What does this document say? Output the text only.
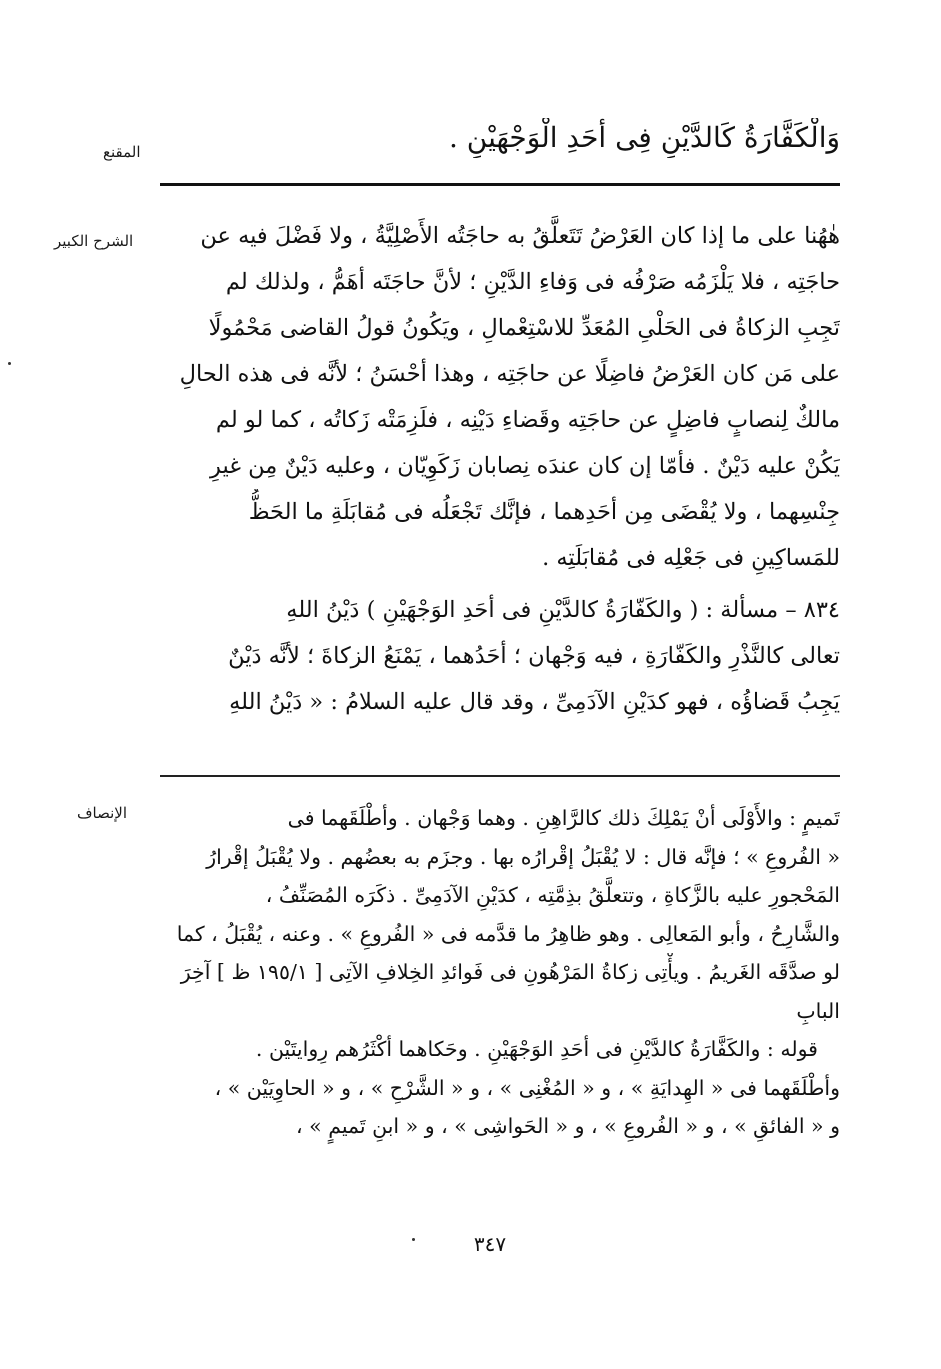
المقنع	وَالْكَفَّارَةُ كَالدَّيْنِ فِى أَحَدِ الْوَجْهَيْنِ .
الشرح الكبير	هٰهُنا على ما إذا كان العَرْضُ تَتَعلَّقُ به حاجَتُه الأَصْلِيَّةُ ، ولا فَضْلَ فيه عن
حاجَتِه ، فلا يَلْزَمُه صَرْفُه فى وَفاءِ الدَّيْنِ ؛ لأنَّ حاجَتَه أهَمُّ ، ولذلك لم
تَجِبِ الزكاةُ فى الحَلْىِ المُعَدِّ للاسْتِعْمالِ ، ويَكُونُ قولُ القاضى مَحْمُولًا
على مَن كان العَرْضُ فاضِلًا عن حاجَتِه ، وهذا أحْسَنُ ؛ لأنَّه فى هذه الحالِ
مالكٌ لِنصابٍ فاضِلٍ عن حاجَتِه وقَضاءِ دَيْنِه ، فلَزِمَتْه زَكاتُه ، كما لو لم
يَكُنْ عليه دَيْنٌ . فأمّا إن كان عندَه نِصابان زَكَوِيّان ، وعليه دَيْنٌ مِن غيرِ
جِنْسِهما ، ولا يُقْضَى مِن أحَدِهما ، فإنَّك تَجْعَلُه فى مُقابَلَةِ ما الحَظُّ
للمَساكِينِ فى جَعْلِه فى مُقابَلَتِه .
٨٣٤ – مسألة : ( والكَفّارَةُ كالدَّيْنِ فى أحَدِ الوَجْهَيْنِ ) دَيْنُ اللهِ
تعالى كالنَّذْرِ والكَفّارَةِ ، فيه وَجْهان ؛ أحَدُهما ، يَمْنَعُ الزكاةَ ؛ لأنَّه دَيْنٌ
يَجِبُ قَضاؤُه ، فهو كدَيْنِ الآدَمِىِّ ، وقد قال عليه السلامُ : « دَيْنُ اللهِ
الإنصاف	تَميمٍ : والأَوْلَى أنْ يَمْلِكَ ذلك كالرَّاهِنِ . وهما وَجْهان . وأطْلَقَهما فى
« الفُروعِ » ؛ فإنَّه قال : لا يُقْبَلُ إقْرارُه بها . وجزَم به بعضُهم . ولا يُقْبَلُ إقْرارُ
المَحْجورِ عليه بالزَّكاةِ ، وتتعلَّقُ بذِمَّتِه ، كدَيْنِ الآدَمِىِّ . ذكَرَه المُصَنِّفُ ،
والشَّارِحُ ، وأبو المَعالِى . وهو ظاهِرُ ما قدَّمه فى « الفُروعِ » . وعنه ، يُقْبَلُ ، كما
لو صدَّقَه الغَريمُ . ويأْتِى زكاةُ المَرْهُونِ فى فَوائدِ الخِلافِ الآتِى [ ١٩٥/١ ظ ] آخِرَ
البابِ
قوله : والكَفَّارَةُ كالدَّيْنِ فى أحَدِ الوَجْهَيْنِ . وحَكاهما أكْثَرُهم رِوايتَيْن .
وأطْلَقَهما فى « الهِدايَةِ » ، و « المُغْنِى » ، و « الشَّرْحِ » ، و « الحاوِيَيْن » ،
و « الفائقِ » ، و « الفُروعِ » ، و « الحَواشِى » ، و « ابنِ تَميمٍ » ،
٣٤٧
